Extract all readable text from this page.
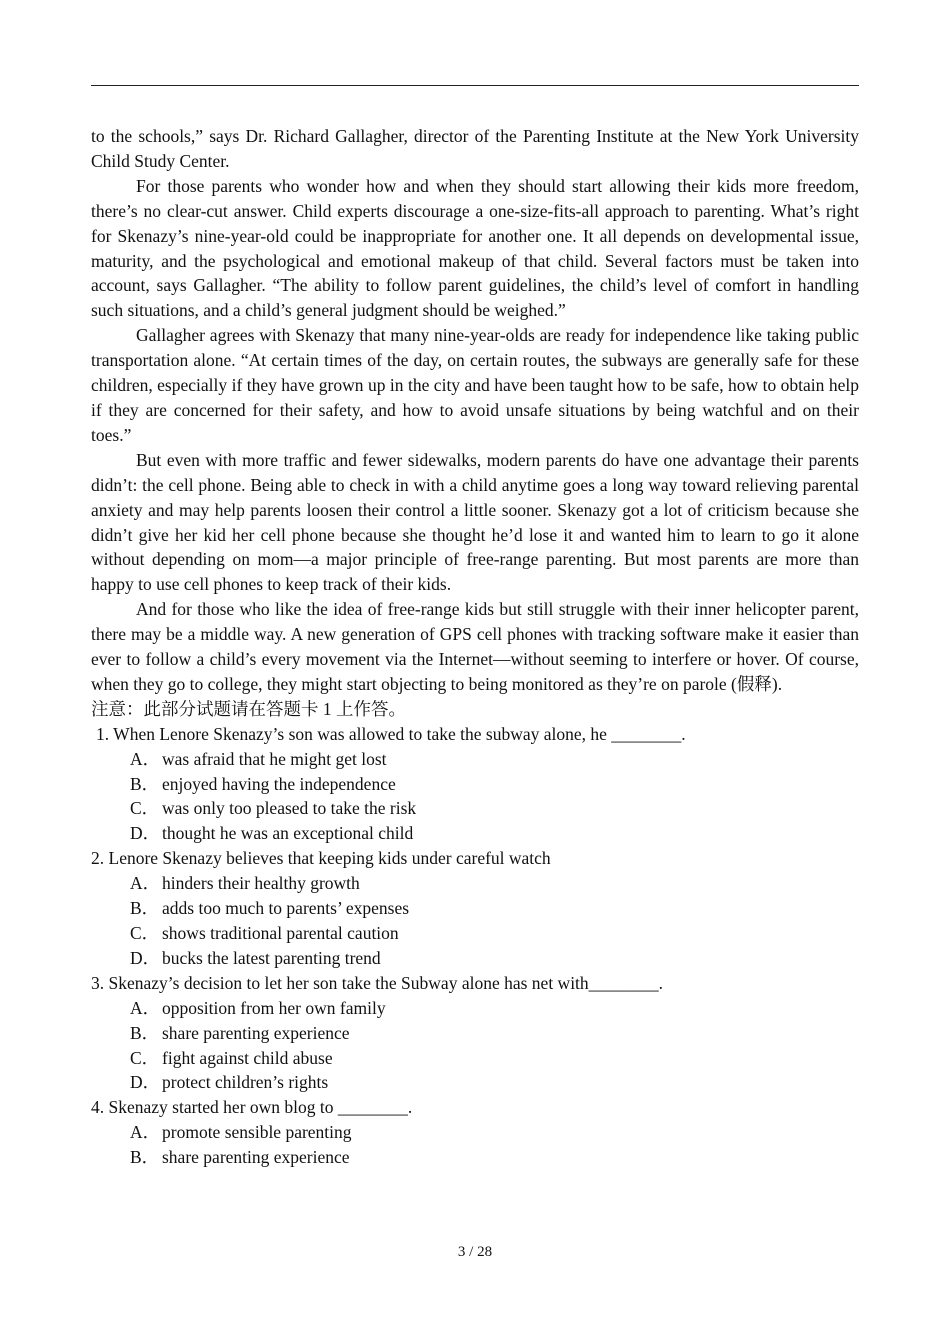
to the schools,” says Dr. Richard Gallagher, director of the Parenting Institute at the New York University Child Study Center.

For those parents who wonder how and when they should start allowing their kids more freedom, there’s no clear-cut answer. Child experts discourage a one-size-fits-all approach to parenting. What’s right for Skenazy’s nine-year-old could be inappropriate for another one. It all depends on developmental issue, maturity, and the psychological and emotional makeup of that child. Several factors must be taken into account, says Gallagher. “The ability to follow parent guidelines, the child’s level of comfort in handling such situations, and a child’s general judgment should be weighed.”

Gallagher agrees with Skenazy that many nine-year-olds are ready for independence like taking public transportation alone. “At certain times of the day, on certain routes, the subways are generally safe for these children, especially if they have grown up in the city and have been taught how to be safe, how to obtain help if they are concerned for their safety, and how to avoid unsafe situations by being watchful and on their toes.”

But even with more traffic and fewer sidewalks, modern parents do have one advantage their parents didn’t: the cell phone. Being able to check in with a child anytime goes a long way toward relieving parental anxiety and may help parents loosen their control a little sooner. Skenazy got a lot of criticism because she didn’t give her kid her cell phone because she thought he’d lose it and wanted him to learn to go it alone without depending on mom—a major principle of free-range parenting. But most parents are more than happy to use cell phones to keep track of their kids.

And for those who like the idea of free-range kids but still struggle with their inner helicopter parent, there may be a middle way. A new generation of GPS cell phones with tracking software make it easier than ever to follow a child’s every movement via the Internet—without seeming to interfere or hover. Of course, when they go to college, they might start objecting to being monitored as they’re on parole (假释).

注意：此部分试题请在答题卡 1 上作答。

1. When Lenore Skenazy’s son was allowed to take the subway alone, he ________.

A． was afraid that he might get lost

B． enjoyed having the independence

C． was only too pleased to take the risk

D． thought he was an exceptional child

2. Lenore Skenazy believes that keeping kids under careful watch

A． hinders their healthy growth

B． adds too much to parents’ expenses

C． shows traditional parental caution

D． bucks the latest parenting trend

3. Skenazy’s decision to let her son take the Subway alone has net with________.

A． opposition from her own family

B． share parenting experience

C． fight against child abuse

D． protect children’s rights

4. Skenazy started her own blog to ________.

A． promote sensible parenting

B． share parenting experience

3 / 28
